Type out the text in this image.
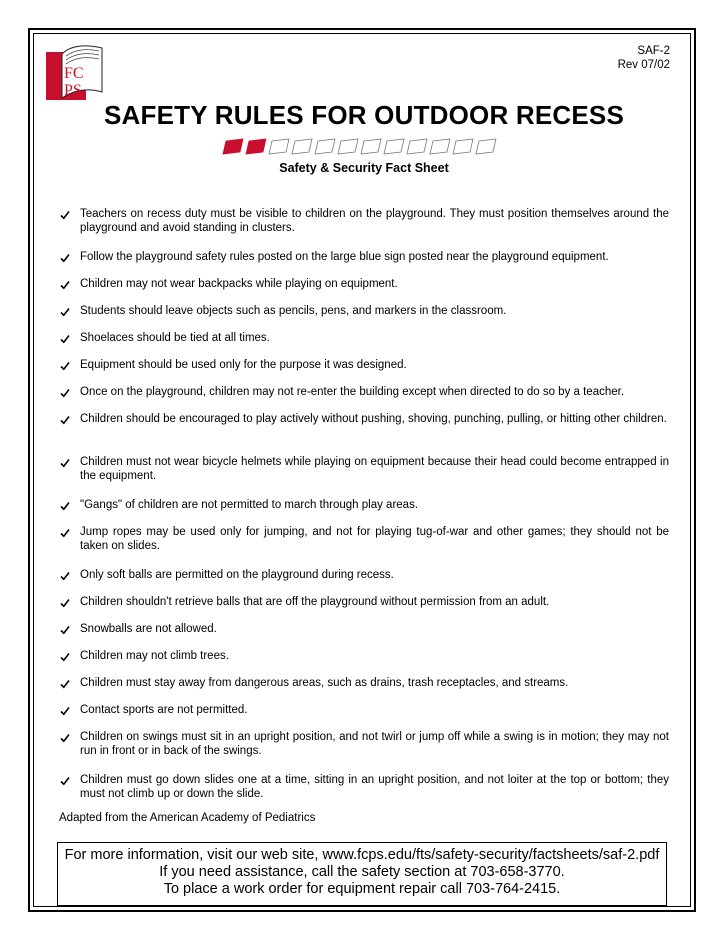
FC
PS
SAF-2
Rev 07/02
SAFETY RULES FOR OUTDOOR RECESS
Safety & Security Fact Sheet
Teachers on recess duty must be visible to children on the playground. They must position themselves around the playground and avoid standing in clusters.
Follow the playground safety rules posted on the large blue sign posted near the playground equipment.
Children may not wear backpacks while playing on equipment.
Students should leave objects such as pencils, pens, and markers in the classroom.
Shoelaces should be tied at all times.
Equipment should be used only for the purpose it was designed.
Once on the playground, children may not re-enter the building except when directed to do so by a teacher.
Children should be encouraged to play actively without pushing, shoving, punching, pulling, or hitting other children.
Children must not wear bicycle helmets while playing on equipment because their head could become entrapped in the equipment.
"Gangs" of children are not permitted to march through play areas.
Jump ropes may be used only for jumping, and not for playing tug-of-war and other games; they should not be taken on slides.
Only soft balls are permitted on the playground during recess.
Children shouldn't retrieve balls that are off the playground without permission from an adult.
Snowballs are not allowed.
Children may not climb trees.
Children must stay away from dangerous areas, such as drains, trash receptacles, and streams.
Contact sports are not permitted.
Children on swings must sit in an upright position, and not twirl or jump off while a swing is in motion; they may not run in front or in back of the swings.
Children must go down slides one at a time, sitting in an upright position, and not loiter at the top or bottom; they must not climb up or down the slide.
Adapted from the American Academy of Pediatrics
For more information, visit our web site, www.fcps.edu/fts/safety-security/factsheets/saf-2.pdf
If you need assistance, call the safety section at 703-658-3770.
To place a work order for equipment repair call 703-764-2415.
